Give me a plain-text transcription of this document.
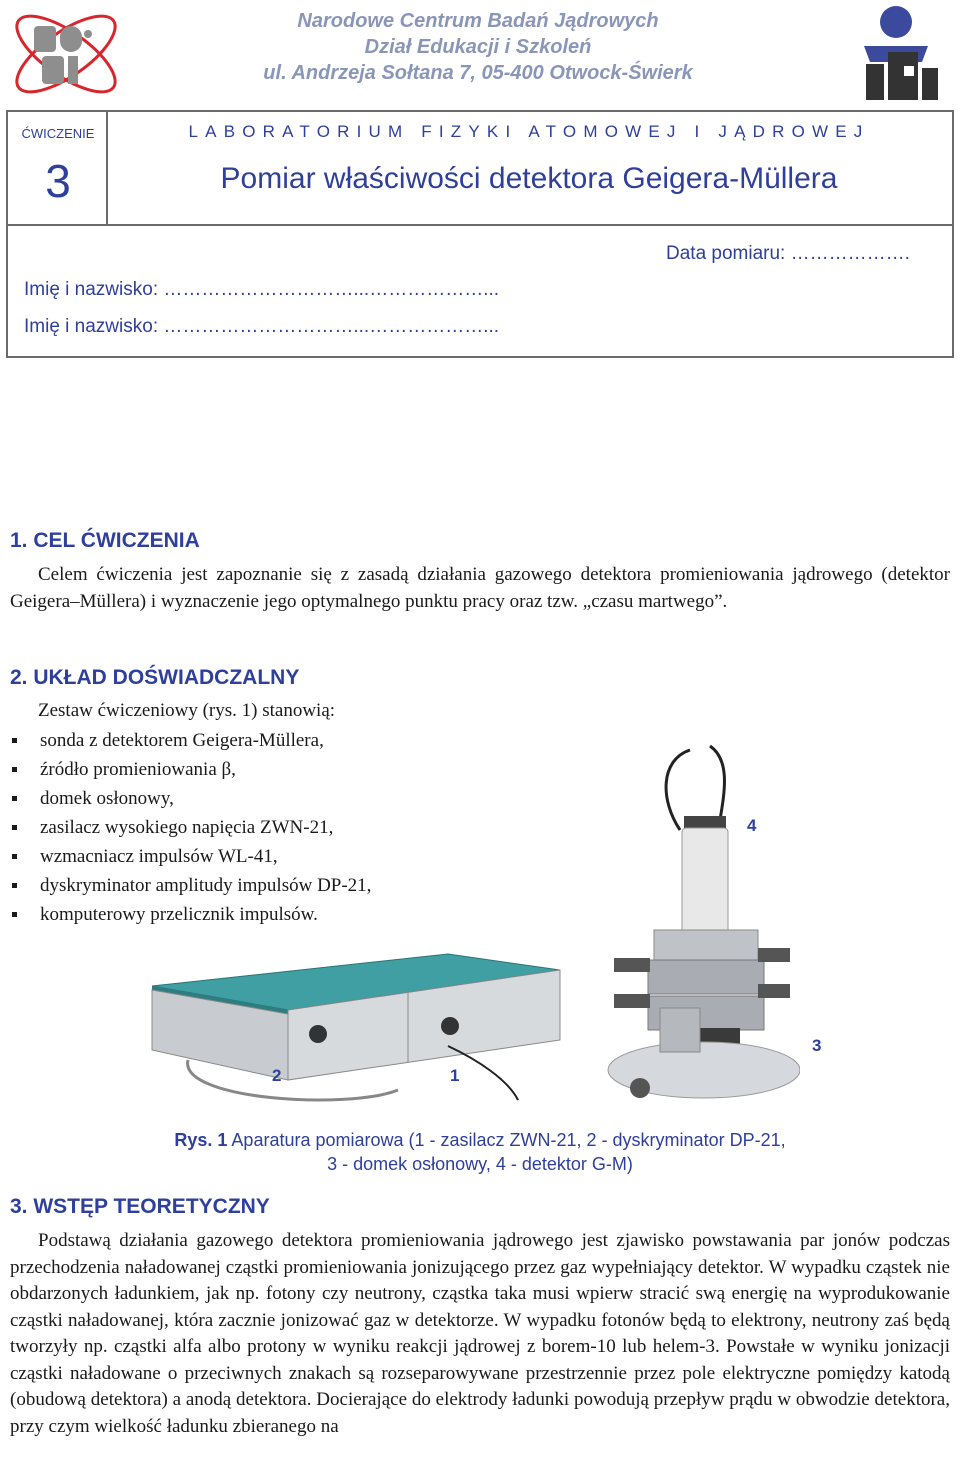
Narodowe Centrum Badań Jądrowych
Dział Edukacji i Szkoleń
ul. Andrzeja Sołtana 7, 05-400 Otwock-Świerk
ĆWICZENIE
3
LABORATORIUM FIZYKI ATOMOWEJ I JĄDROWEJ
Pomiar właściwości detektora Geigera-Müllera
Data pomiaru: ……………….
Imię i nazwisko: …………………………...………………...
Imię i nazwisko: …………………………...………………...
1. CEL ĆWICZENIA

Celem ćwiczenia jest zapoznanie się z zasadą działania gazowego detektora promieniowania jądrowego (detektor Geigera–Müllera) i wyznaczenie jego optymalnego punktu pracy oraz tzw. „czasu martwego”.

2. UKŁAD DOŚWIADCZALNY
Zestaw ćwiczeniowy (rys. 1) stanowią:
sonda z detektorem Geigera-Müllera,
źródło promieniowania β,
domek osłonowy,
zasilacz wysokiego napięcia ZWN-21,
wzmacniacz impulsów WL-41,
dyskryminator amplitudy impulsów DP-21,
komputerowy przelicznik impulsów.
4
3
2	1
Rys. 1 Aparatura pomiarowa (1 - zasilacz ZWN-21, 2 - dyskryminator DP-21,
3 - domek osłonowy, 4 - detektor G-M)
3. WSTĘP TEORETYCZNY

Podstawą działania gazowego detektora promieniowania jądrowego jest zjawisko powstawania par jonów podczas przechodzenia naładowanej cząstki promieniowania jonizującego przez gaz wypełniający detektor. W wypadku cząstek nie obdarzonych ładunkiem, jak np. fotony czy neutrony, cząstka taka musi wpierw stracić swą energię na wyprodukowanie cząstki naładowanej, która zacznie jonizować gaz w detektorze. W wypadku fotonów będą to elektrony, neutrony zaś będą tworzyły np. cząstki alfa albo protony w wyniku reakcji jądrowej z borem-10 lub helem-3. Powstałe w wyniku jonizacji cząstki naładowane o przeciwnych znakach są rozseparowywane przestrzennie przez pole elektryczne pomiędzy katodą (obudową detektora) a anodą detektora. Docierające do elektrody ładunki powodują przepływ prądu w obwodzie detektora, przy czym wielkość ładunku zbieranego na
